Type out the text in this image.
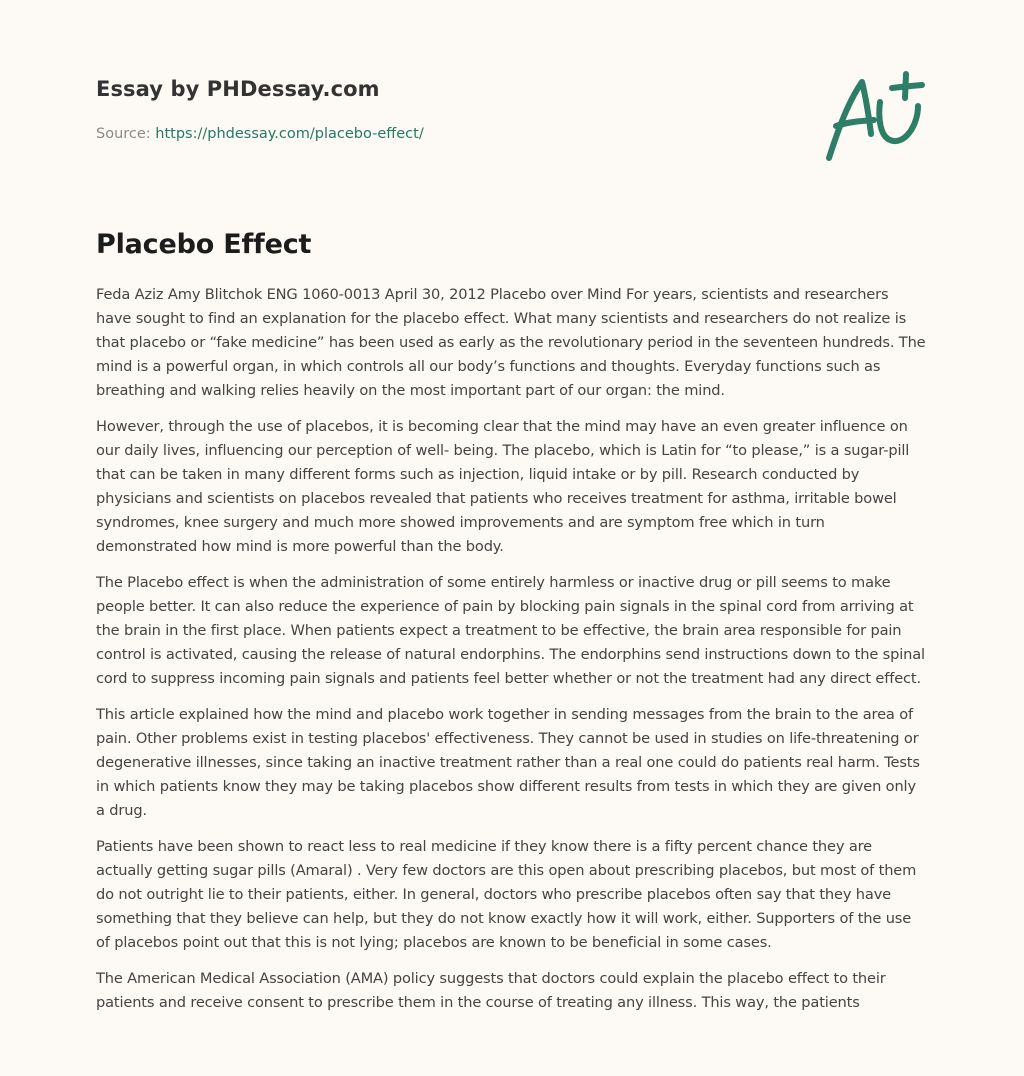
Essay by PHDessay.com
Source: https://phdessay.com/placebo-effect/
Placebo Effect

Feda Aziz Amy Blitchok ENG 1060-0013 April 30, 2012 Placebo over Mind For years, scientists and researchers have sought to find an explanation for the placebo effect. What many scientists and researchers do not realize is that placebo or “fake medicine” has been used as early as the revolutionary period in the seventeen hundreds. The mind is a powerful organ, in which controls all our body’s functions and thoughts. Everyday functions such as breathing and walking relies heavily on the most important part of our organ: the mind.

However, through the use of placebos, it is becoming clear that the mind may have an even greater influence on our daily lives, influencing our perception of well- being. The placebo, which is Latin for “to please,” is a sugar-pill that can be taken in many different forms such as injection, liquid intake or by pill. Research conducted by physicians and scientists on placebos revealed that patients who receives treatment for asthma, irritable bowel syndromes, knee surgery and much more showed improvements and are symptom free which in turn demonstrated how mind is more powerful than the body.

The Placebo effect is when the administration of some entirely harmless or inactive drug or pill seems to make people better. It can also reduce the experience of pain by blocking pain signals in the spinal cord from arriving at the brain in the first place. When patients expect a treatment to be effective, the brain area responsible for pain control is activated, causing the release of natural endorphins. The endorphins send instructions down to the spinal cord to suppress incoming pain signals and patients feel better whether or not the treatment had any direct effect.

This article explained how the mind and placebo work together in sending messages from the brain to the area of pain. Other problems exist in testing placebos' effectiveness. They cannot be used in studies on life-threatening or degenerative illnesses, since taking an inactive treatment rather than a real one could do patients real harm. Tests in which patients know they may be taking placebos show different results from tests in which they are given only a drug.

Patients have been shown to react less to real medicine if they know there is a fifty percent chance they are actually getting sugar pills (Amaral) . Very few doctors are this open about prescribing placebos, but most of them do not outright lie to their patients, either. In general, doctors who prescribe placebos often say that they have something that they believe can help, but they do not know exactly how it will work, either. Supporters of the use of placebos point out that this is not lying; placebos are known to be beneficial in some cases.

The American Medical Association (AMA) policy suggests that doctors could explain the placebo effect to their patients and receive consent to prescribe them in the course of treating any illness. This way, the patients
